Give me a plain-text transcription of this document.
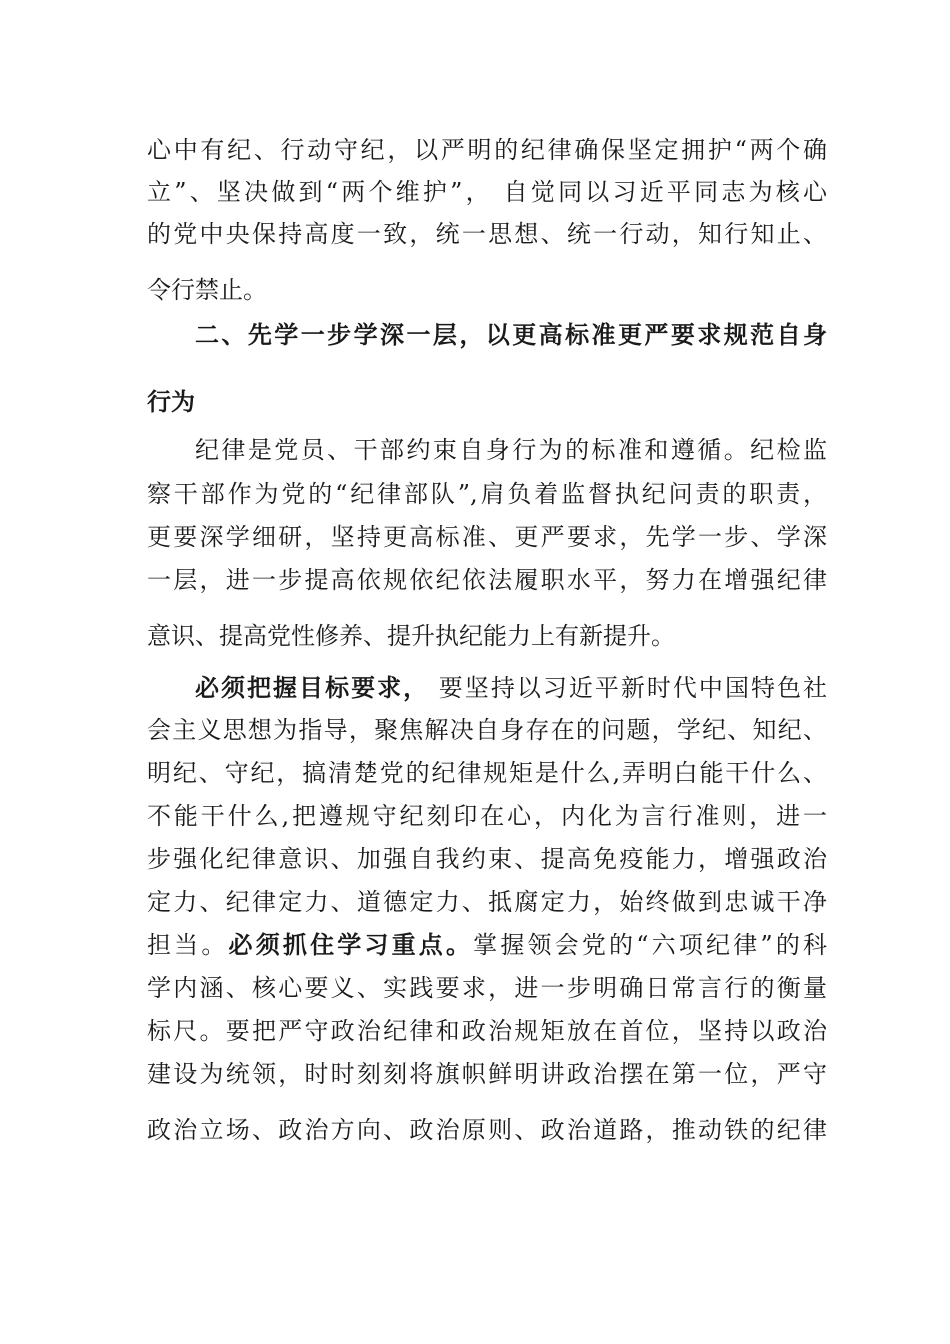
心中有纪、行动守纪，以严明的纪律确保坚定拥护“两个确
立”、坚决做到“两个维护”， 自觉同以习近平同志为核心
的党中央保持高度一致，统一思想、统一行动，知行知止、
令行禁止。
二、先学一步学深一层，以更高标准更严要求规范自身
行为
纪律是党员、干部约束自身行为的标准和遵循。纪检监
察干部作为党的“纪律部队”,肩负着监督执纪问责的职责，
更要深学细研，坚持更高标准、更严要求，先学一步、学深
一层，进一步提高依规依纪依法履职水平，努力在增强纪律
意识、提高党性修养、提升执纪能力上有新提升。
必须把握目标要求， 要坚持以习近平新时代中国特色社
会主义思想为指导，聚焦解决自身存在的问题，学纪、知纪、
明纪、守纪，搞清楚党的纪律规矩是什么,弄明白能干什么、
不能干什么,把遵规守纪刻印在心，内化为言行准则，进一
步强化纪律意识、加强自我约束、提高免疫能力，增强政治
定力、纪律定力、道德定力、抵腐定力，始终做到忠诚干净
担当。必须抓住学习重点。掌握领会党的“六项纪律”的科
学内涵、核心要义、实践要求，进一步明确日常言行的衡量
标尺。要把严守政治纪律和政治规矩放在首位，坚持以政治
建设为统领，时时刻刻将旗帜鲜明讲政治摆在第一位，严守
政治立场、政治方向、政治原则、政治道路，推动铁的纪律
